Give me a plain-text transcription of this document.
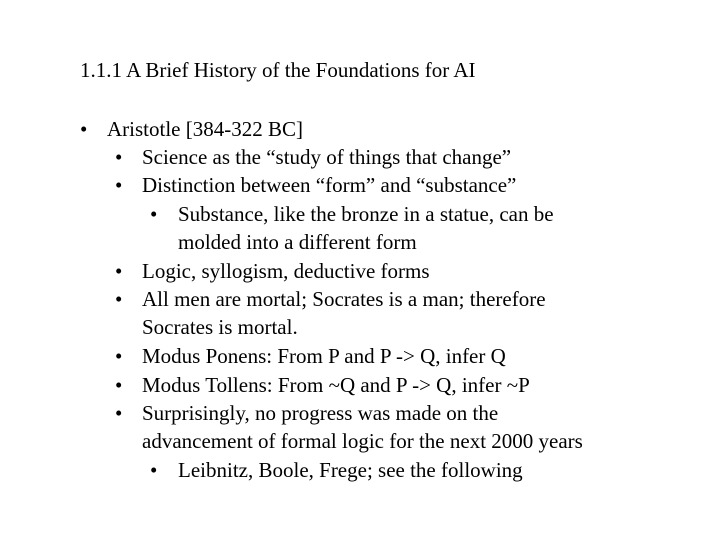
1.1.1 A Brief History of the Foundations for AI
• Aristotle [384-322 BC]
• Science as the “study of things that change”
• Distinction between “form” and “substance”
• Substance, like the bronze in a statue, can be
molded into a different form
• Logic, syllogism, deductive forms
• All men are mortal; Socrates is a man; therefore
Socrates is mortal.
• Modus Ponens: From P and P -> Q, infer Q
• Modus Tollens: From ~Q and P -> Q, infer ~P
• Surprisingly, no progress was made on the
advancement of formal logic for the next 2000 years
• Leibnitz, Boole, Frege; see the following
